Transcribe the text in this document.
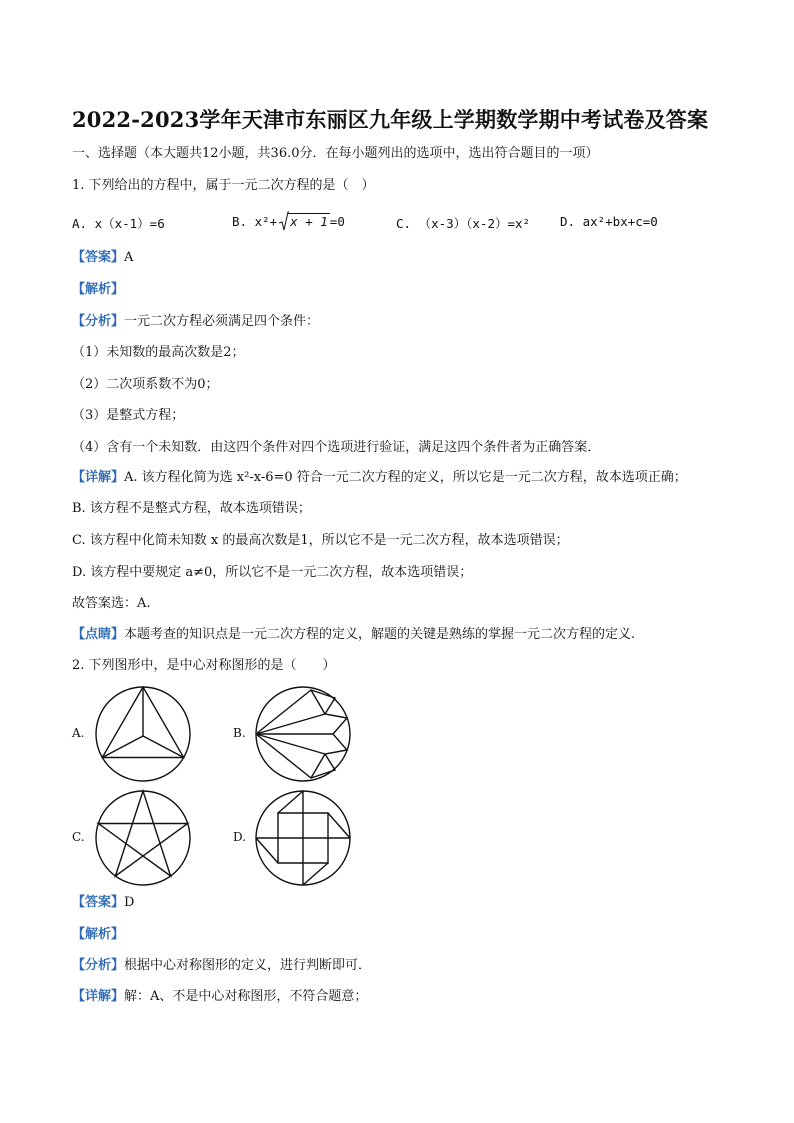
2022-2023学年天津市东丽区九年级上学期数学期中考试卷及答案
一、选择题（本大题共12小题，共36.0分．在每小题列出的选项中，选出符合题目的一项）
1. 下列给出的方程中，属于一元二次方程的是（　）
A. x（x-1）=6	B. x²+ x + 1 =0	C. （x-3）（x-2）=x² D. ax²+bx+c=0
【答案】A
【解析】
【分析】一元二次方程必须满足四个条件：
（1）未知数的最高次数是2；
（2）二次项系数不为0；
（3）是整式方程；
（4）含有一个未知数．由这四个条件对四个选项进行验证，满足这四个条件者为正确答案．
【详解】A. 该方程化简为选 x²-x-6=0 符合一元二次方程的定义，所以它是一元二次方程，故本选项正确；
B. 该方程不是整式方程，故本选项错误；
C. 该方程中化简未知数 x 的最高次数是1，所以它不是一元二次方程，故本选项错误；
D. 该方程中要规定 a≠0，所以它不是一元二次方程，故本选项错误；
故答案选：A.
【点睛】本题考查的知识点是一元二次方程的定义，解题的关键是熟练的掌握一元二次方程的定义.
2. 下列图形中，是中心对称图形的是（　　）
A.	B.
C.	D.
【答案】D
【解析】
【分析】根据中心对称图形的定义，进行判断即可．
【详解】解：A、不是中心对称图形，不符合题意；
